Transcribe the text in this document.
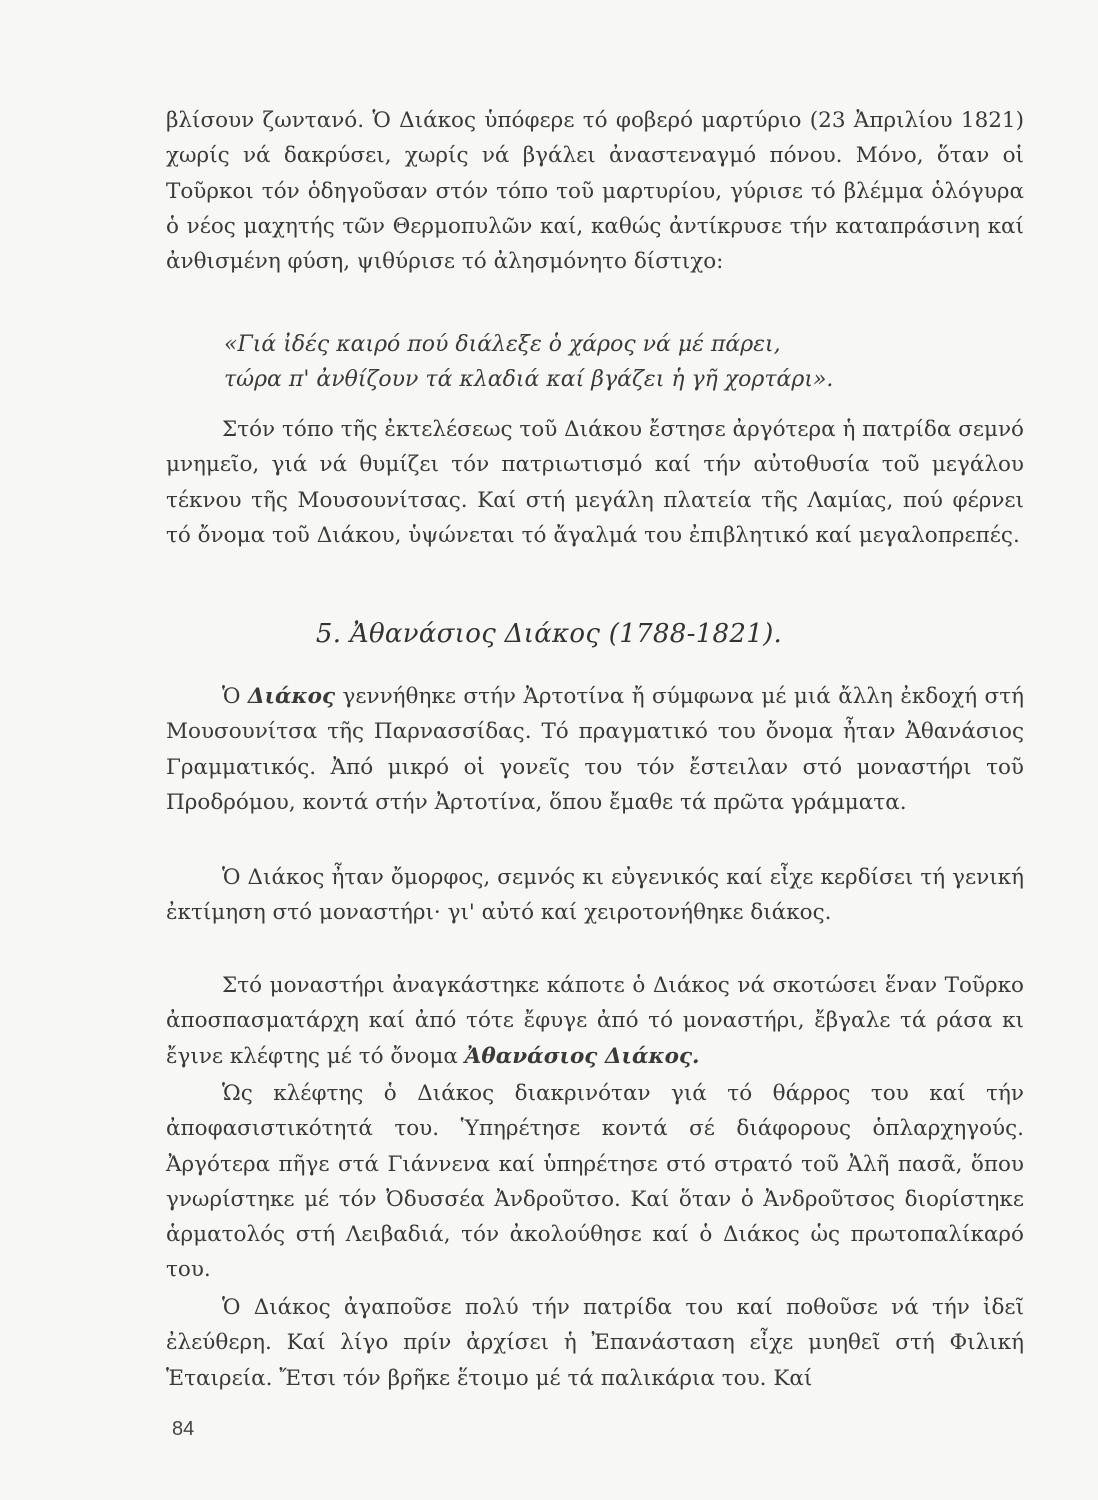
βλίσουν ζωντανό. Ὁ Διάκος ὑπόφερε τό φοβερό μαρτύριο (23 Ἀπριλίου 1821) χωρίς νά δακρύσει, χωρίς νά βγάλει ἀναστεναγμό πόνου. Μόνο, ὅταν οἱ Τοῦρκοι τόν ὁδηγοῦσαν στόν τόπο τοῦ μαρτυρίου, γύρισε τό βλέμμα ὁλόγυρα ὁ νέος μαχητής τῶν Θερμοπυλῶν καί, καθώς ἀντίκρυσε τήν καταπράσινη καί ἀνθισμένη φύση, ψιθύρισε τό ἀλησμόνητο δίστιχο:

«Γιά ἰδές καιρό πού διάλεξε ὁ χάρος νά μέ πάρει,
τώρα π' ἀνθίζουν τά κλαδιά καί βγάζει ἡ γῆ χορτάρι».

Στόν τόπο τῆς ἐκτελέσεως τοῦ Διάκου ἔστησε ἀργότερα ἡ πατρίδα σεμνό μνημεῖο, γιά νά θυμίζει τόν πατριωτισμό καί τήν αὐτοθυσία τοῦ μεγάλου τέκνου τῆς Μουσουνίτσας. Καί στή μεγάλη πλατεία τῆς Λαμίας, πού φέρνει τό ὄνομα τοῦ Διάκου, ὑψώνεται τό ἄγαλμά του ἐπιβλητικό καί μεγαλοπρεπές.

5. Ἀθανάσιος Διάκος (1788-1821).

Ὁ Διάκος γεννήθηκε στήν Ἀρτοτίνα ἤ σύμφωνα μέ μιά ἄλλη ἐκδοχή στή Μουσουνίτσα τῆς Παρνασσίδας. Τό πραγματικό του ὄνομα ἦταν Ἀθανάσιος Γραμματικός. Ἀπό μικρό οἱ γονεῖς του τόν ἔστειλαν στό μοναστήρι τοῦ Προδρόμου, κοντά στήν Ἀρτοτίνα, ὅπου ἔμαθε τά πρῶτα γράμματα.

Ὁ Διάκος ἦταν ὄμορφος, σεμνός κι εὐγενικός καί εἶχε κερδίσει τή γενική ἐκτίμηση στό μοναστήρι· γι' αὐτό καί χειροτονήθηκε διάκος.

Στό μοναστήρι ἀναγκάστηκε κάποτε ὁ Διάκος νά σκοτώσει ἕναν Τοῦρκο ἀποσπασματάρχη καί ἀπό τότε ἔφυγε ἀπό τό μοναστήρι, ἔβγαλε τά ράσα κι ἔγινε κλέφτης μέ τό ὄνομα Ἀθανάσιος Διάκος.

Ὡς κλέφτης ὁ Διάκος διακρινόταν γιά τό θάρρος του καί τήν ἀποφασιστικότητά του. Ὑπηρέτησε κοντά σέ διάφορους ὁπλαρχηγούς. Ἀργότερα πῆγε στά Γιάννενα καί ὑπηρέτησε στό στρατό τοῦ Ἀλῆ πασᾶ, ὅπου γνωρίστηκε μέ τόν Ὀδυσσέα Ἀνδροῦτσο. Καί ὅταν ὁ Ἀνδροῦτσος διορίστηκε ἁρματολός στή Λειβαδιά, τόν ἀκολούθησε καί ὁ Διάκος ὡς πρωτοπαλίκαρό του.

Ὁ Διάκος ἀγαποῦσε πολύ τήν πατρίδα του καί ποθοῦσε νά τήν ἰδεῖ ἐλεύθερη. Καί λίγο πρίν ἀρχίσει ἡ Ἐπανάσταση εἶχε μυηθεῖ στή Φιλική Ἑταιρεία. Ἔτσι τόν βρῆκε ἕτοιμο μέ τά παλικάρια του. Καί

84
